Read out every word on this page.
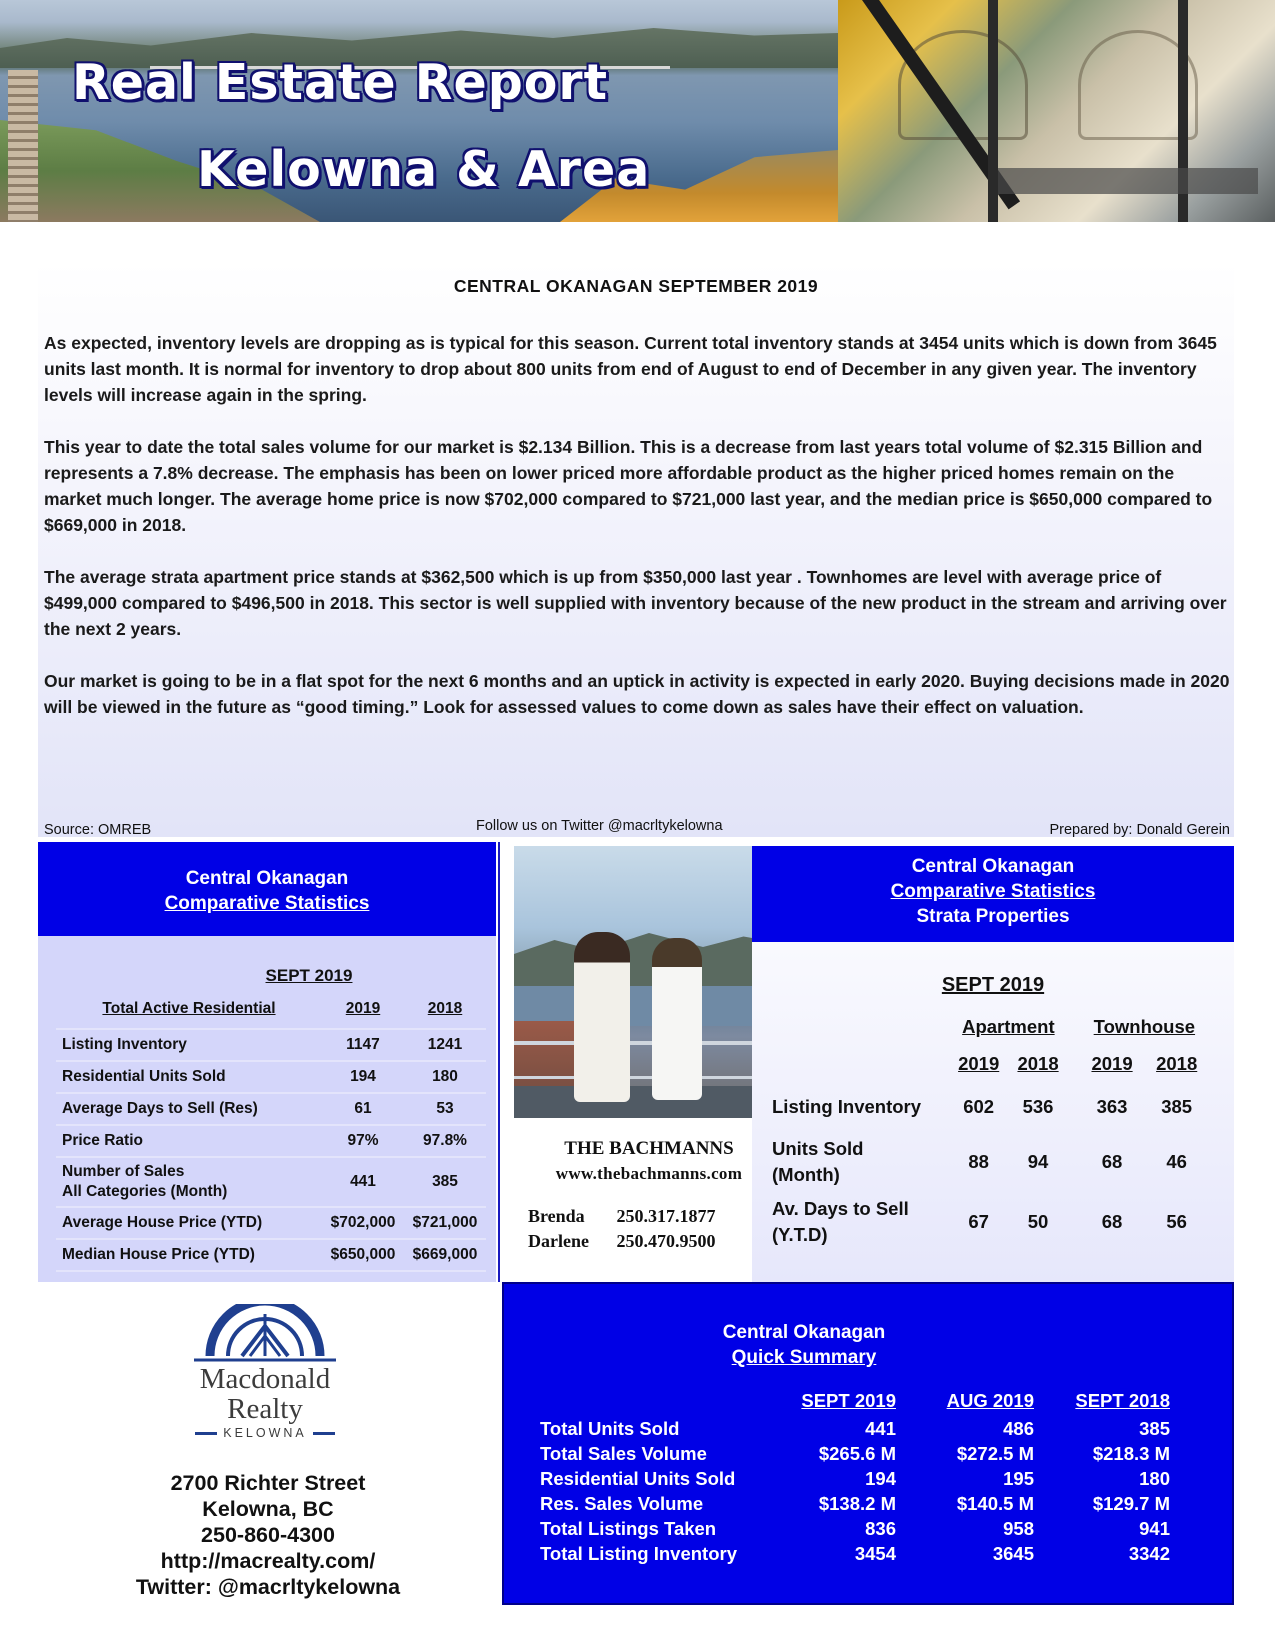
Real Estate Report
Kelowna & Area
CENTRAL OKANAGAN SEPTEMBER 2019

As expected, inventory levels are dropping as is typical for this season. Current total inventory stands at 3454 units which is down from 3645 units last month. It is normal for inventory to drop about 800 units from end of August to end of December in any given year. The inventory levels will increase again in the spring.

This year to date the total sales volume for our market is $2.134 Billion. This is a decrease from last years total volume of $2.315 Billion and represents a 7.8% decrease. The emphasis has been on lower priced more affordable product as the higher priced homes remain on the market much longer. The average home price is now $702,000 compared to $721,000 last year, and the median price is $650,000 compared to $669,000 in 2018.

The average strata apartment price stands at $362,500 which is up from $350,000 last year . Townhomes are level with average price of $499,000 compared to $496,500 in 2018. This sector is well supplied with inventory because of the new product in the stream and arriving over the next 2 years.

Our market is going to be in a flat spot for the next 6 months and an uptick in activity is expected in early 2020. Buying decisions made in 2020 will be viewed in the future as “good timing.” Look for assessed values to come down as sales have their effect on valuation.

Source: OMREB	Follow us on Twitter @macrltykelowna	Prepared by: Donald Gerein
Central Okanagan
Comparative Statistics
SEPT 2019
Total Active Residential	2019	2018
Listing Inventory	1147	1241
Residential Units Sold	194	180
Average Days to Sell (Res)	61	53
Price Ratio	97%	97.8%

Number of Sales
All Categories (Month)	441	385
Average House Price (YTD)	$702,000	$721,000
Median House Price (YTD)	$650,000	$669,000
THE BACHMANNS
www.thebachmanns.com
Brenda 250.317.1877
Darlene 250.470.9500
Central Okanagan
Comparative Statistics
Strata Properties
SEPT 2019
	Apartment			Townhouse	
	2019	2018		2019	2018
Listing Inventory	602	536		363	385

Units Sold
(Month)	88	94		68	46

Av. Days to Sell
(Y.T.D)	67	50		68	56
Macdonald
Realty
KELOWNA
2700 Richter Street
Kelowna, BC
250-860-4300
http://macrealty.com/
Twitter: @macrltykelowna
Central Okanagan
Quick Summary
	SEPT 2019	AUG 2019	SEPT 2018
Total Units Sold	441	486	385
Total Sales Volume	$265.6 M	$272.5 M	$218.3 M
Residential Units Sold	194	195	180
Res. Sales Volume	$138.2 M	$140.5 M	$129.7 M
Total Listings Taken	836	958	941
Total Listing Inventory	3454	3645	3342
